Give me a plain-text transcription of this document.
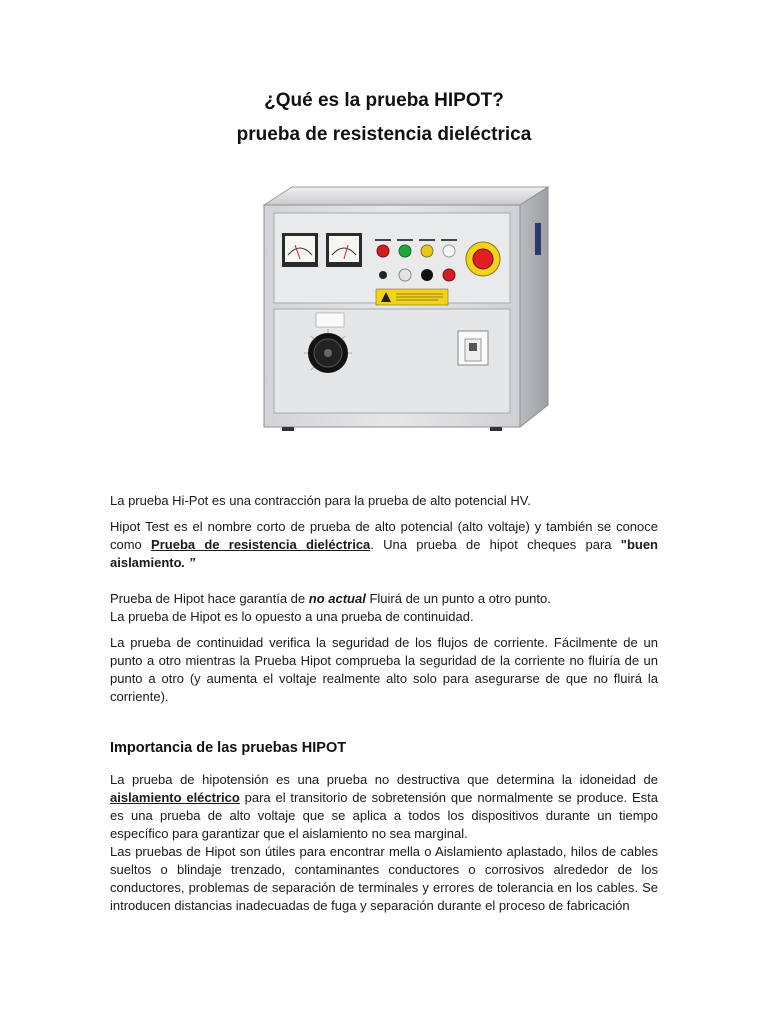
¿Qué es la prueba HIPOT?
prueba de resistencia dieléctrica
La prueba Hi-Pot es una contracción para la prueba de alto potencial HV.
Hipot Test es el nombre corto de prueba de alto potencial (alto voltaje) y también se conoce como Prueba de resistencia dieléctrica. Una prueba de hipot cheques para "buen aislamiento. ”
Prueba de Hipot hace garantía de no actual Fluirá de un punto a otro punto.
La prueba de Hipot es lo opuesto a una prueba de continuidad.
La prueba de continuidad verifica la seguridad de los flujos de corriente. Fácilmente de un punto a otro mientras la Prueba Hipot comprueba la seguridad de la corriente no fluiría de un punto a otro (y aumenta el voltaje realmente alto solo para asegurarse de que no fluirá la corriente).
Importancia de las pruebas HIPOT
La prueba de hipotensión es una prueba no destructiva que determina la idoneidad de aislamiento eléctrico para el transitorio de sobretensión que normalmente se produce. Esta es una prueba de alto voltaje que se aplica a todos los dispositivos durante un tiempo específico para garantizar que el aislamiento no sea marginal.
Las pruebas de Hipot son útiles para encontrar mella o Aislamiento aplastado, hilos de cables sueltos o blindaje trenzado, contaminantes conductores o corrosivos alrededor de los conductores, problemas de separación de terminales y errores de tolerancia en los cables. Se introducen distancias inadecuadas de fuga y separación durante el proceso de fabricación
